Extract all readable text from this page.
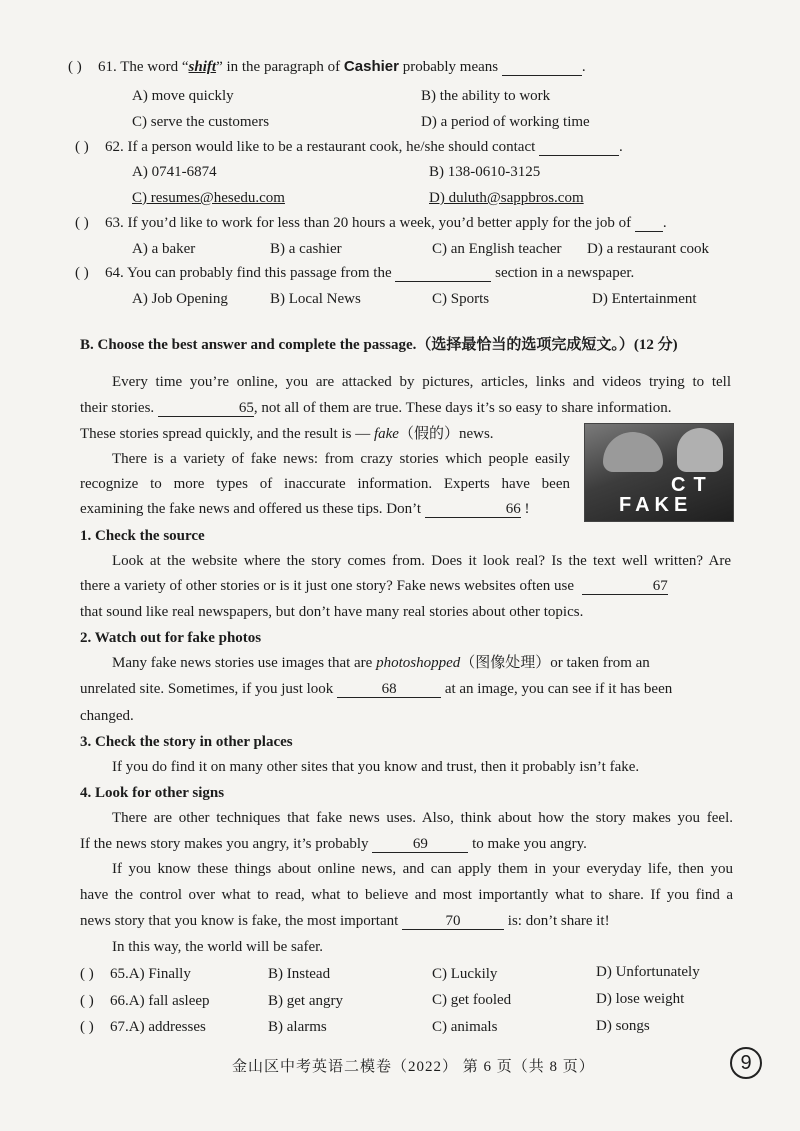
( ) 61. The word “shift” in the paragraph of Cashier probably means	.
A) move quickly	B) the ability to work
C) serve the customers	D) a period of working time
( ) 62. If a person would like to be a restaurant cook, he/she should contact	.
A) 0741-6874	B) 138-0610-3125
C) resumes@hesedu.com	D) duluth@sappbros.com
( ) 63. If you’d like to work for less than 20 hours a week, you’d better apply for the job of .
A) a baker	B) a cashier	C) an English teacher D) a restaurant cook
( ) 64. You can probably find this passage from the	section in a newspaper.
A) Job Opening	B) Local News	C) Sports	D) Entertainment
B. Choose the best answer and complete the passage.（选择最恰当的选项完成短文。）(12 分)
Every time you’re online, you are attacked by pictures, articles, links and videos trying to tell
their stories.	65, not all of them are true. These days it’s so easy to share information.
These stories spread quickly, and the result is — fake（假的）news.
CT
FAKE
There is a variety of fake news: from crazy stories which people easily
recognize to more types of inaccurate information. Experts have been
examining the fake news and offered us these tips. Don’t	66 !
1. Check the source
Look at the website where the story comes from. Does it look real? Is the text well written? Are
there a variety of other stories or is it just one story? Fake news websites often use	67
that sound like real newspapers, but don’t have many real stories about other topics.
2. Watch out for fake photos
Many fake news stories use images that are photoshopped（图像处理）or taken from an
unrelated site. Sometimes, if you just look	68	at an image, you can see if it has been
changed.
3. Check the story in other places
If you do find it on many other sites that you know and trust, then it probably isn’t fake.
4. Look for other signs
There are other techniques that fake news uses. Also, think about how the story makes you feel.
If the news story makes you angry, it’s probably	69	to make you angry.
If you know these things about online news, and can apply them in your everyday life, then you
have the control over what to read, what to believe and most importantly what to share. If you find a
news story that you know is fake, the most important	70	is: don’t share it!
In this way, the world will be safer.
( ) 65.A) Finally	B) Instead	C) Luckily	D) Unfortunately
( ) 66.A) fall asleep	B) get angry	C) get fooled	D) lose weight
( ) 67.A) addresses	B) alarms	C) animals	D) songs
金山区中考英语二模卷（2022） 第 6 页（共 8 页）	9
